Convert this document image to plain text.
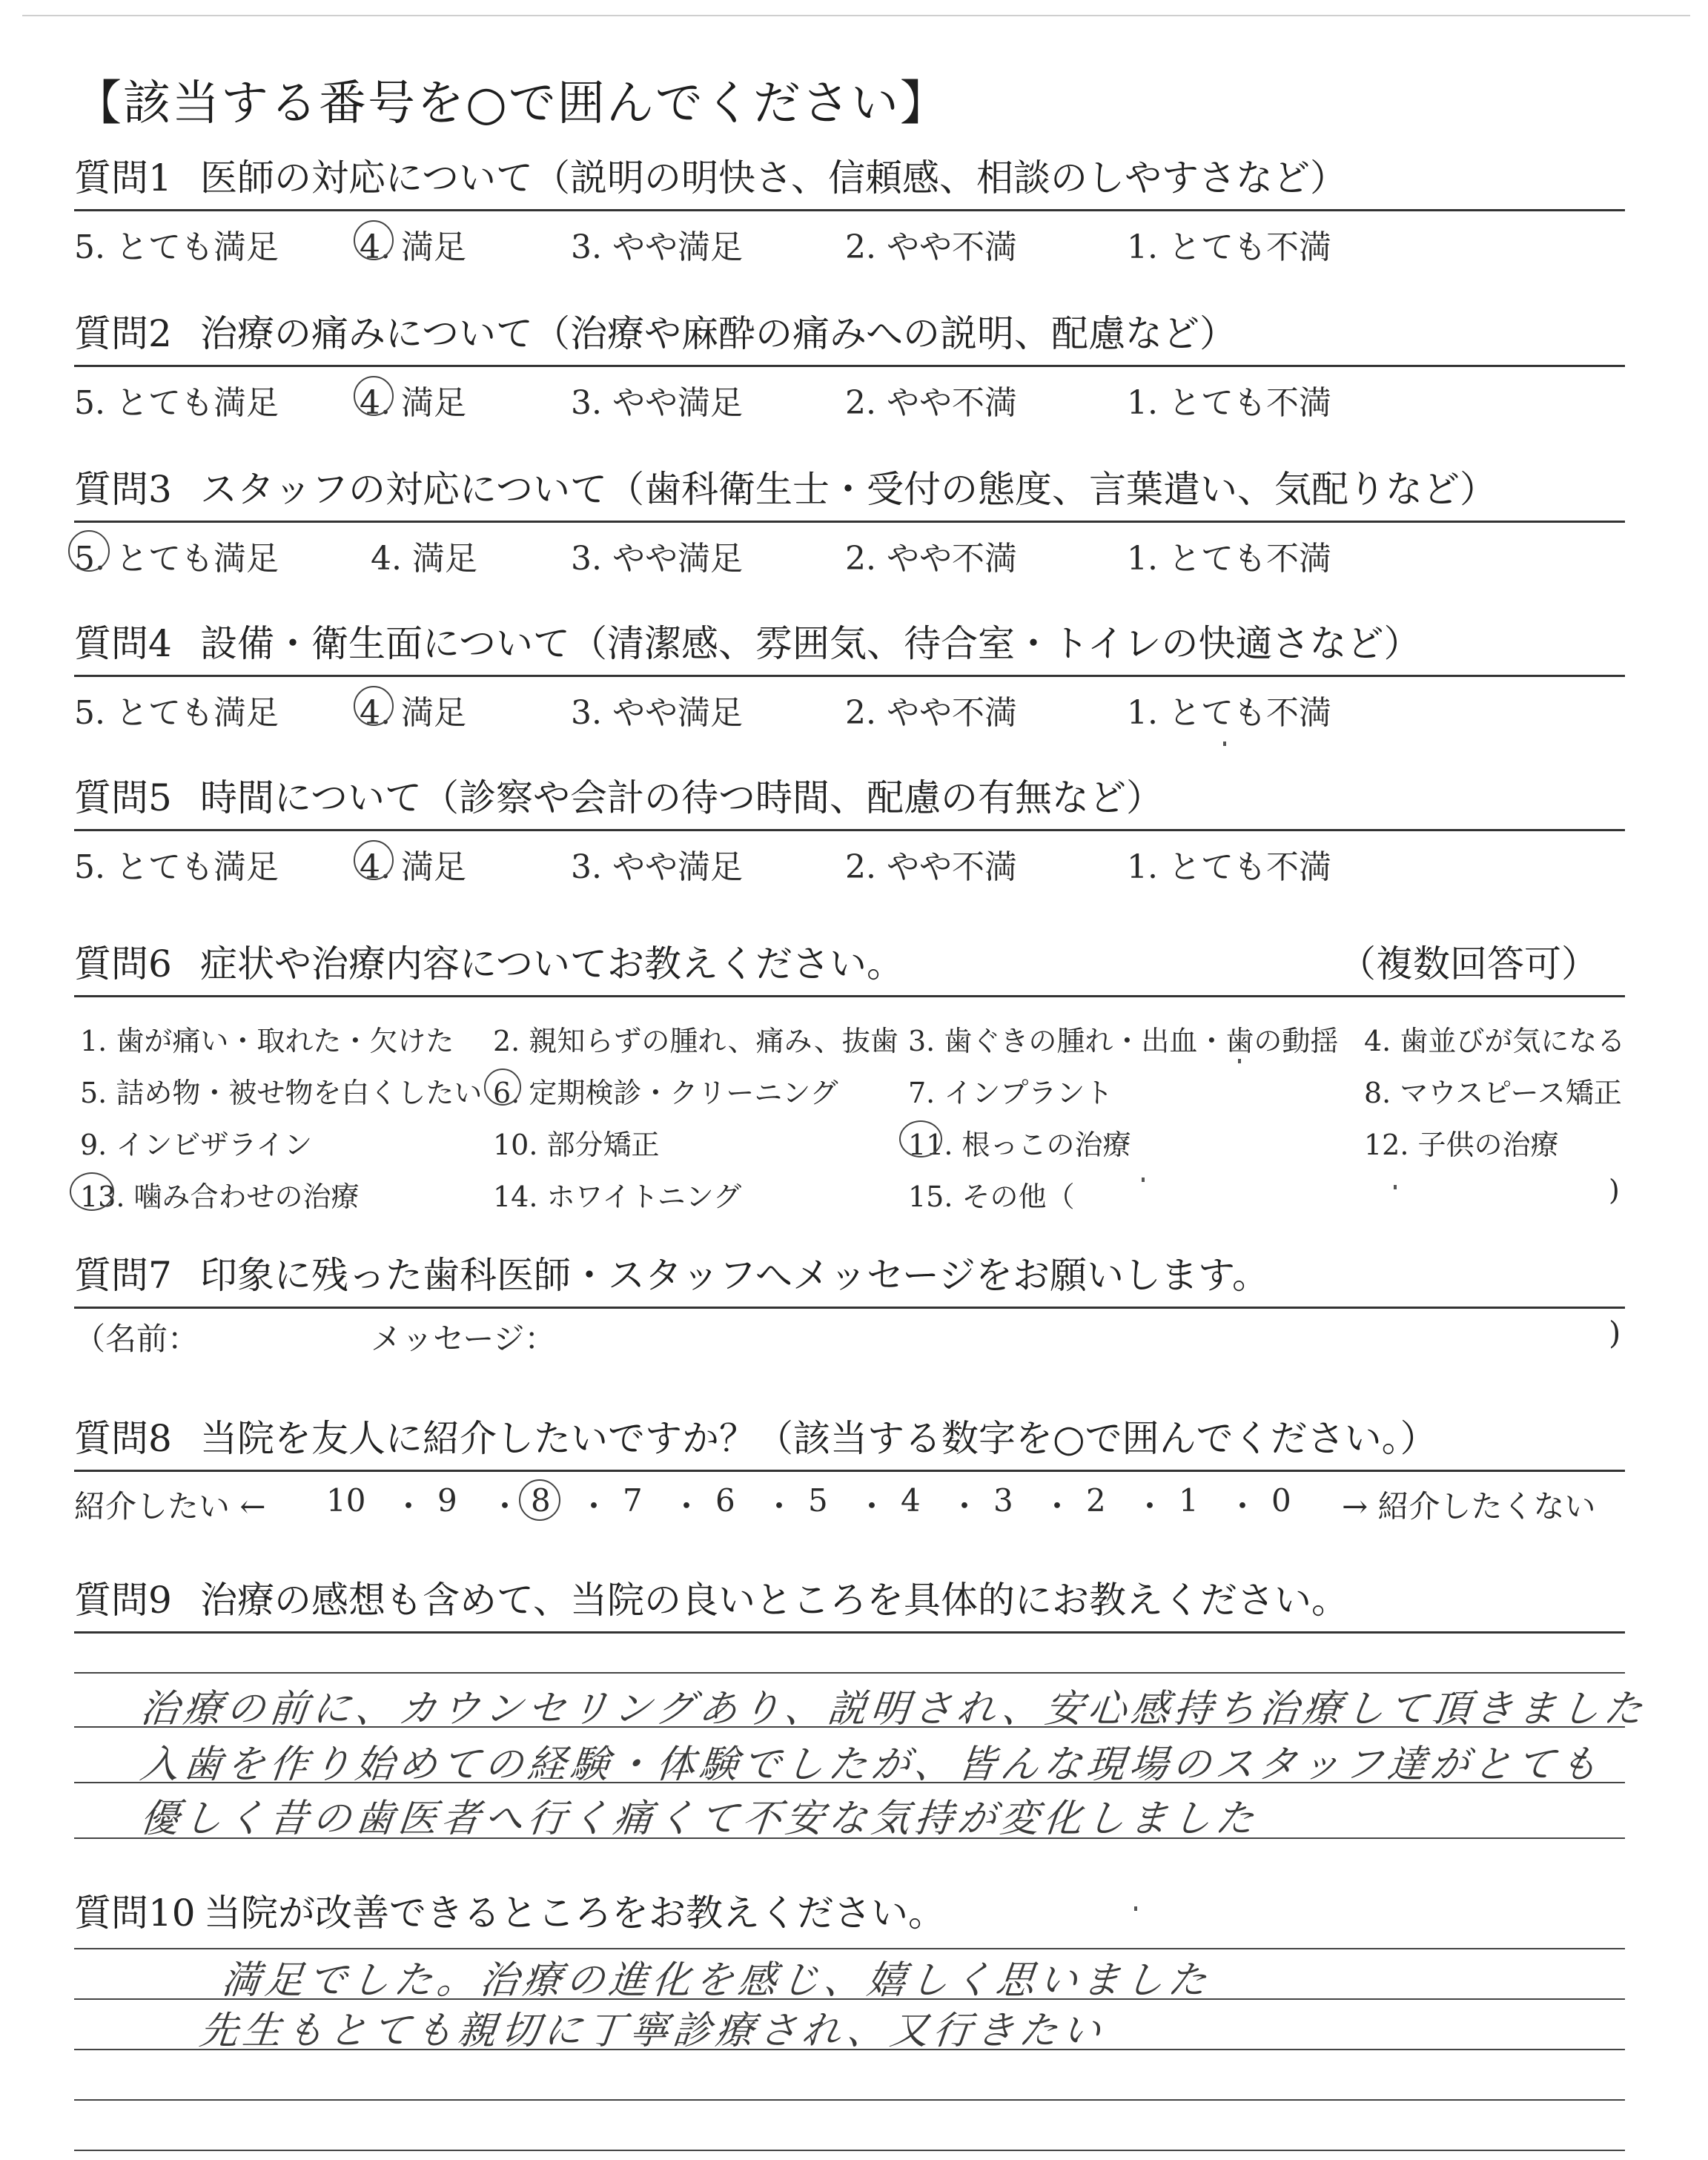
【該当する番号を○で囲んでください】
質問1 医師の対応について（説明の明快さ、信頼感、相談のしやすさなど）
5. とても満足 4. 満足	3. やや満足	2. やや不満	1. とても不満
質問2 治療の痛みについて（治療や麻酔の痛みへの説明、配慮など）
5. とても満足 4. 満足	3. やや満足	2. やや不満	1. とても不満
質問3 スタッフの対応について（歯科衛生士・受付の態度、言葉遣い、気配りなど）
5. とても満足	4. 満足	3. やや満足	2. やや不満	1. とても不満
質問4 設備・衛生面について（清潔感、雰囲気、待合室・トイレの快適さなど）
5. とても満足 4. 満足	3. やや満足	2. やや不満	1. とても不満
質問5 時間について（診察や会計の待つ時間、配慮の有無など）
5. とても満足 4. 満足	3. やや満足	2. やや不満	1. とても不満
質問6 症状や治療内容についてお教えください。	（複数回答可）
1. 歯が痛い・取れた・欠けた 2. 親知らずの腫れ、痛み、抜歯 3. 歯ぐきの腫れ・出血・歯の動揺 4. 歯並びが気になる
5. 詰め物・被せ物を白くしたい 6. 定期検診・クリーニング 7. インプラント	8. マウスピース矯正
9. インビザライン	10. 部分矯正	11. 根っこの治療	12. 子供の治療
13. 噛み合わせの治療	14. ホワイトニング	15. その他（	)
質問7 印象に残った歯科医師・スタッフへメッセージをお願いします。
（名前：	メッセージ：	)
質問8 当院を友人に紹介したいですか？（該当する数字を○で囲んでください。）
紹介したい ← 10 ・ 9 ・ 8 ・ 7 ・ 6 ・ 5 ・ 4 ・ 3 ・ 2 ・ 1 ・ 0 → 紹介したくない
質問9 治療の感想も含めて、当院の良いところを具体的にお教えください。
治療の前に、カウンセリングあり、説明され、安心感持ち治療して頂きました
入歯を作り始めての経験・体験でしたが、皆んな現場のスタッフ達がとても
優しく昔の歯医者へ行く痛くて不安な気持が変化しました
質問10 当院が改善できるところをお教えください。
満足でした。治療の進化を感じ、嬉しく思いました
先生もとても親切に丁寧診療され、又行きたい
